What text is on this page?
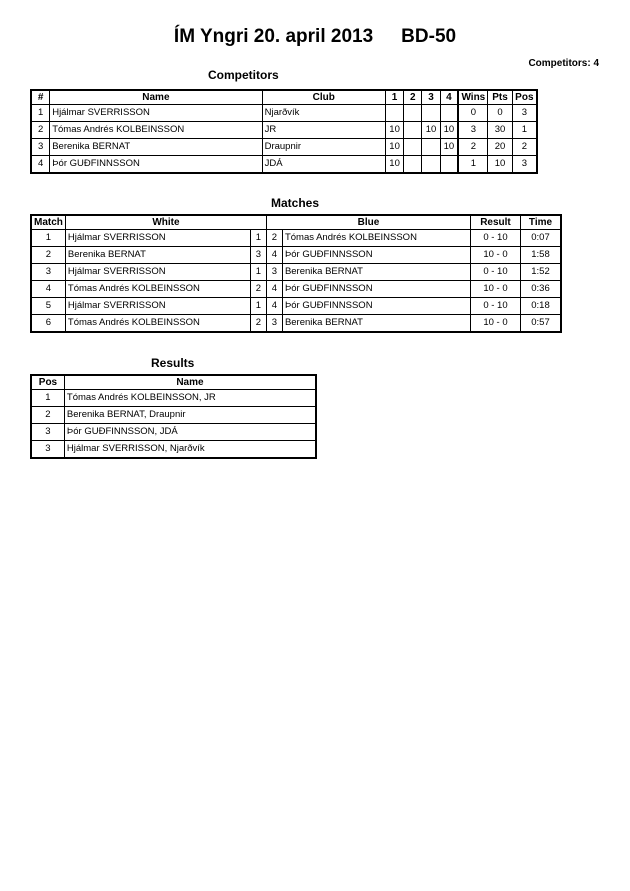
ÍM Yngri 20. april 2013 BD-50
Competitors: 4
Competitors
#	Name	Club	1	2	3	4	Wins	Pts	Pos
1	Hjálmar SVERRISSON	Njarðvík					0	0	3
2	Tómas Andrés KOLBEINSSON	JR	10		10	10	3	30	1
3	Berenika BERNAT	Draupnir	10			10	2	20	2
4	Þór GUÐFINNSSON	JDÁ	10				1	10	3
Matches
Match	White		Blue		Result	Time
1	Hjálmar SVERRISSON	1	2	Tómas Andrés KOLBEINSSON	0 - 10	0:07
2	Berenika BERNAT	3	4	Þór GUÐFINNSSON	10 - 0	1:58
3	Hjálmar SVERRISSON	1	3	Berenika BERNAT	0 - 10	1:52
4	Tómas Andrés KOLBEINSSON	2	4	Þór GUÐFINNSSON	10 - 0	0:36
5	Hjálmar SVERRISSON	1	4	Þór GUÐFINNSSON	0 - 10	0:18
6	Tómas Andrés KOLBEINSSON	2	3	Berenika BERNAT	10 - 0	0:57
Results
Pos	Name
1	Tómas Andrés KOLBEINSSON, JR
2	Berenika BERNAT, Draupnir
3	Þór GUÐFINNSSON, JDÁ
3	Hjálmar SVERRISSON, Njarðvík
